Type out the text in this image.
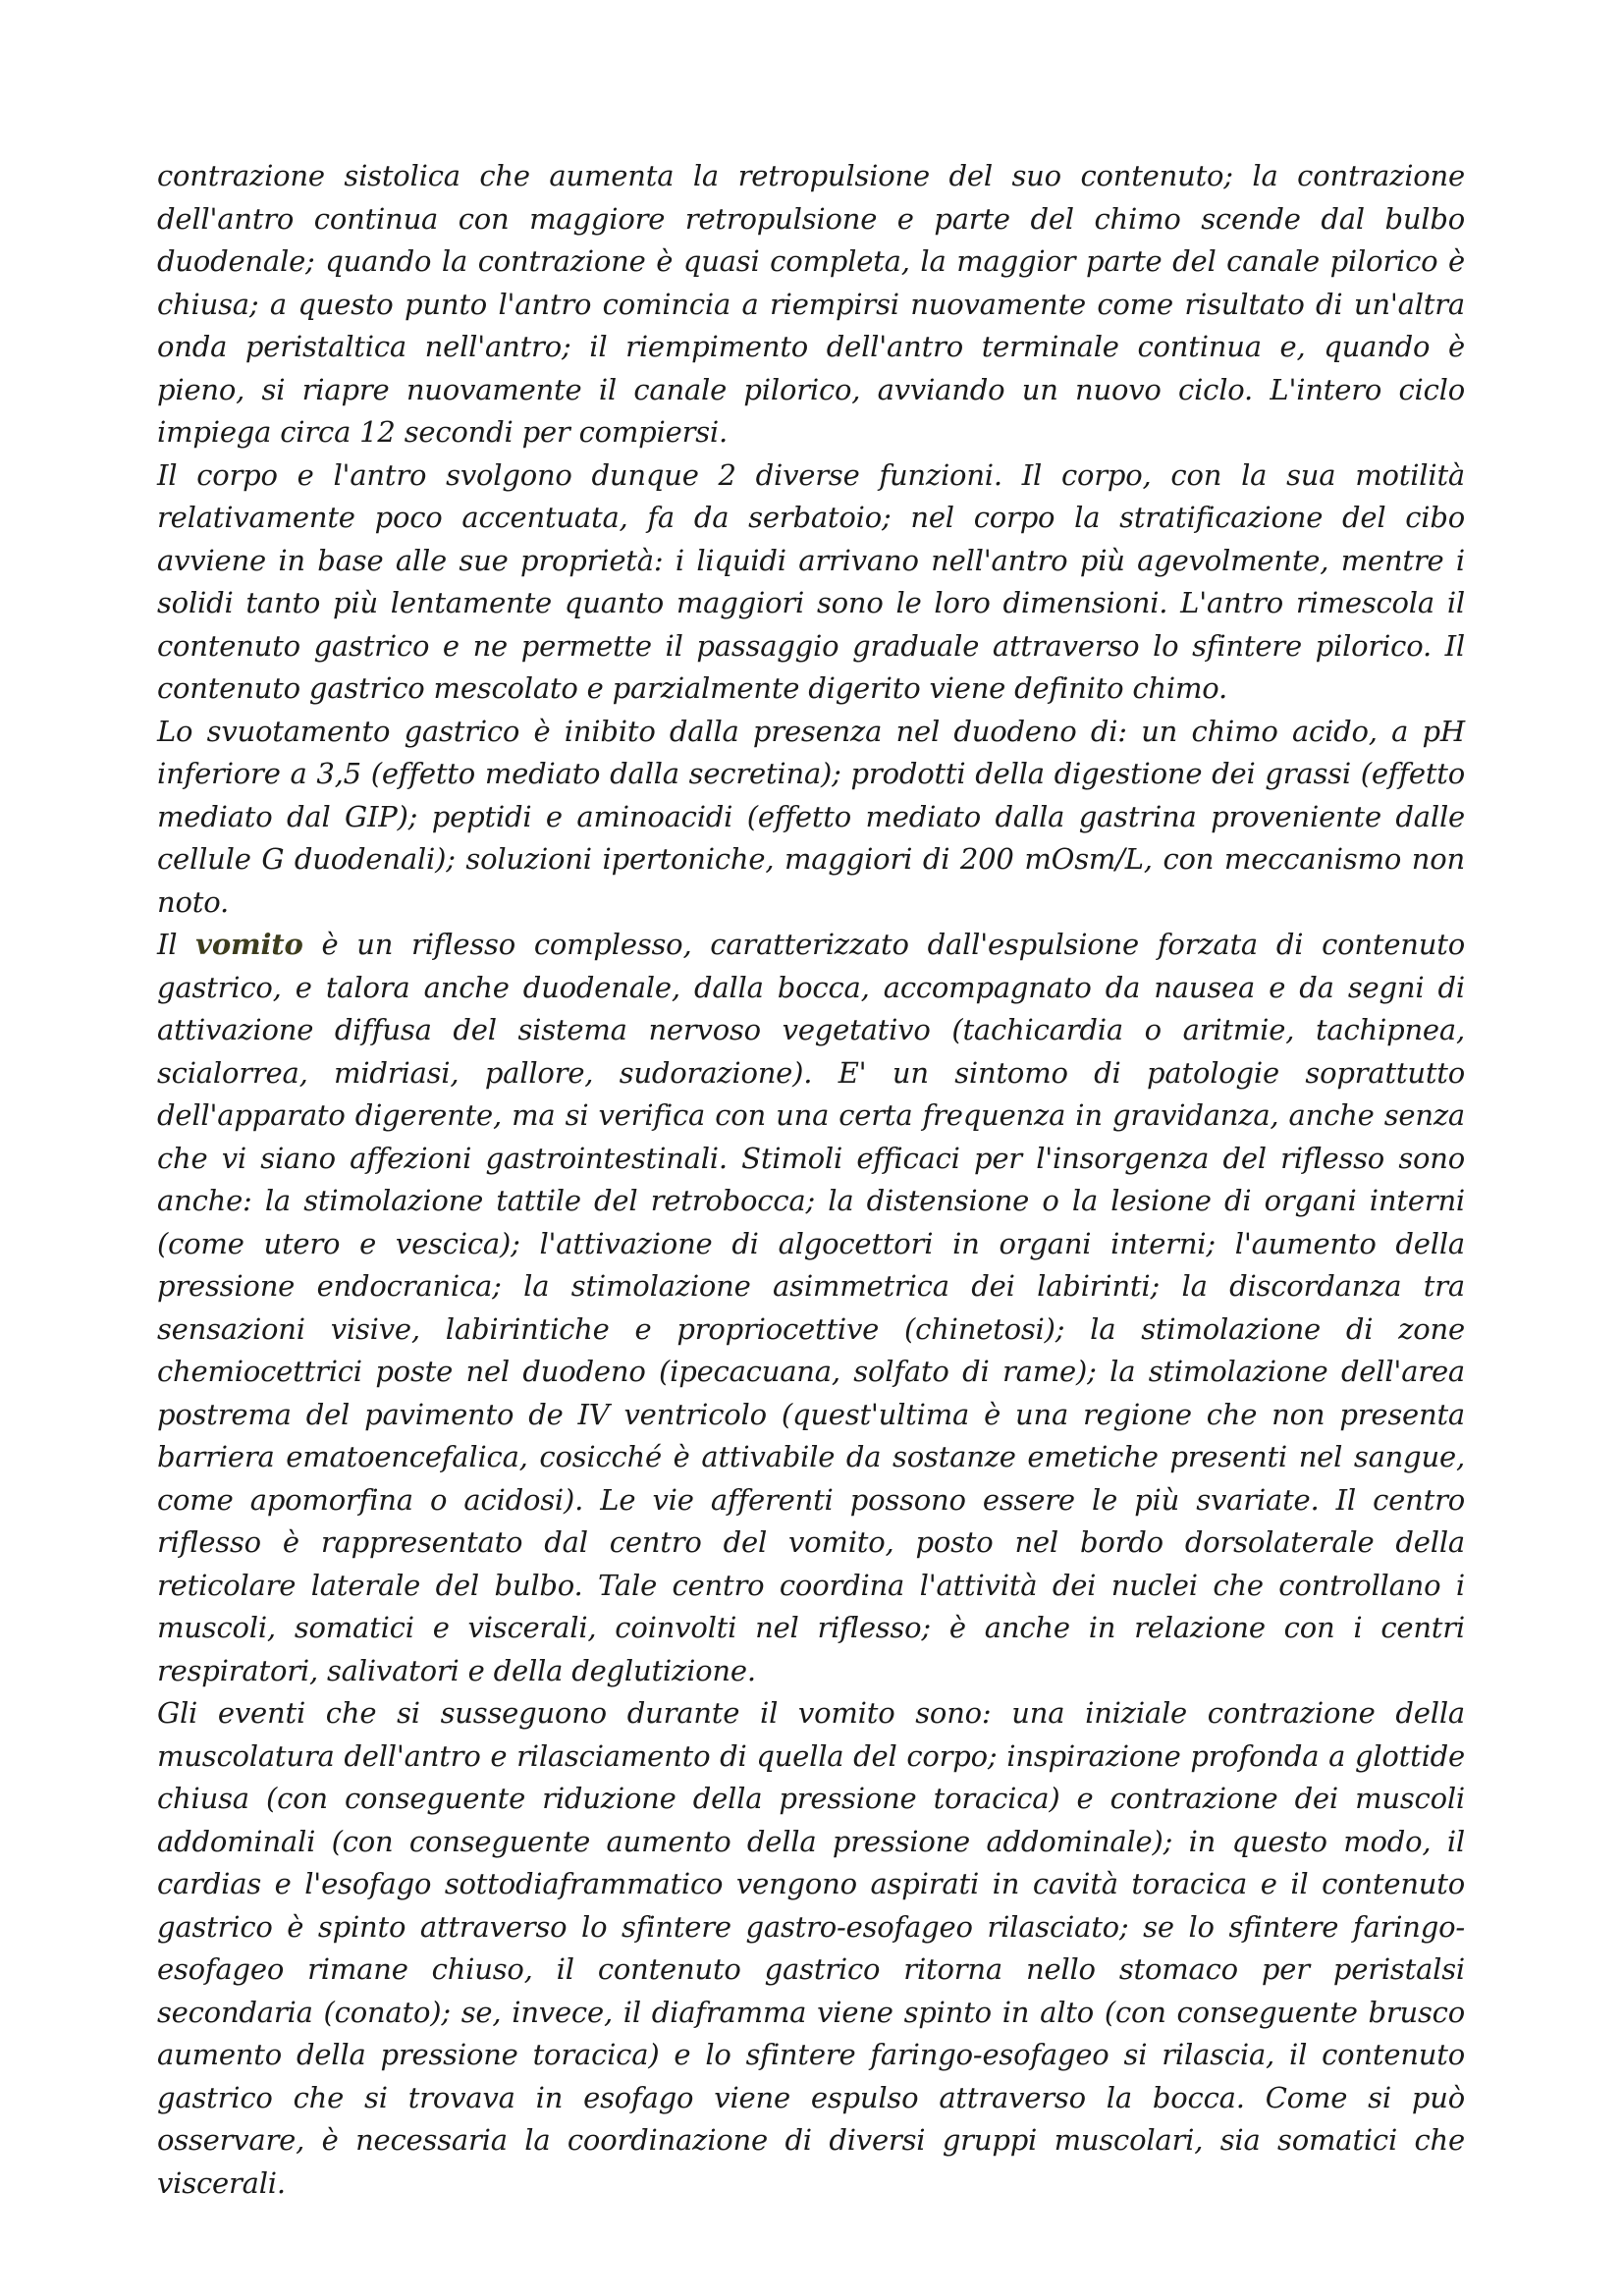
contrazione sistolica che aumenta la retropulsione del suo contenuto; la contrazione dell'antro continua con maggiore retropulsione e parte del chimo scende dal bulbo duodenale; quando la contrazione è quasi completa, la maggior parte del canale pilorico è chiusa; a questo punto l'antro comincia a riempirsi nuovamente come risultato di un'altra onda peristaltica nell'antro; il riempimento dell'antro terminale continua e, quando è pieno, si riapre nuovamente il canale pilorico, avviando un nuovo ciclo. L'intero ciclo impiega circa 12 secondi per compiersi.

Il corpo e l'antro svolgono dunque 2 diverse funzioni. Il corpo, con la sua motilità relativamente poco accentuata, fa da serbatoio; nel corpo la stratificazione del cibo avviene in base alle sue proprietà: i liquidi arrivano nell'antro più agevolmente, mentre i solidi tanto più lentamente quanto maggiori sono le loro dimensioni. L'antro rimescola il contenuto gastrico e ne permette il passaggio graduale attraverso lo sfintere pilorico. Il contenuto gastrico mescolato e parzialmente digerito viene definito chimo.

Lo svuotamento gastrico è inibito dalla presenza nel duodeno di: un chimo acido, a pH inferiore a 3,5 (effetto mediato dalla secretina); prodotti della digestione dei grassi (effetto mediato dal GIP); peptidi e aminoacidi (effetto mediato dalla gastrina proveniente dalle cellule G duodenali); soluzioni ipertoniche, maggiori di 200 mOsm/L, con meccanismo non noto.

Il vomito è un riflesso complesso, caratterizzato dall'espulsione forzata di contenuto gastrico, e talora anche duodenale, dalla bocca, accompagnato da nausea e da segni di attivazione diffusa del sistema nervoso vegetativo (tachicardia o aritmie, tachipnea, scialorrea, midriasi, pallore, sudorazione). E' un sintomo di patologie soprattutto dell'apparato digerente, ma si verifica con una certa frequenza in gravidanza, anche senza che vi siano affezioni gastrointestinali. Stimoli efficaci per l'insorgenza del riflesso sono anche: la stimolazione tattile del retrobocca; la distensione o la lesione di organi interni (come utero e vescica); l'attivazione di algocettori in organi interni; l'aumento della pressione endocranica; la stimolazione asimmetrica dei labirinti; la discordanza tra sensazioni visive, labirintiche e propriocettive (chinetosi); la stimolazione di zone chemiocettrici poste nel duodeno (ipecacuana, solfato di rame); la stimolazione dell'area postrema del pavimento de IV ventricolo (quest'ultima è una regione che non presenta barriera ematoencefalica, cosicché è attivabile da sostanze emetiche presenti nel sangue, come apomorfina o acidosi). Le vie afferenti possono essere le più svariate. Il centro riflesso è rappresentato dal centro del vomito, posto nel bordo dorsolaterale della reticolare laterale del bulbo. Tale centro coordina l'attività dei nuclei che controllano i muscoli, somatici e viscerali, coinvolti nel riflesso; è anche in relazione con i centri respiratori, salivatori e della deglutizione.

Gli eventi che si susseguono durante il vomito sono: una iniziale contrazione della muscolatura dell'antro e rilasciamento di quella del corpo; inspirazione profonda a glottide chiusa (con conseguente riduzione della pressione toracica) e contrazione dei muscoli addominali (con conseguente aumento della pressione addominale); in questo modo, il cardias e l'esofago sottodiaframmatico vengono aspirati in cavità toracica e il contenuto gastrico è spinto attraverso lo sfintere gastro-esofageo rilasciato; se lo sfintere faringo-esofageo rimane chiuso, il contenuto gastrico ritorna nello stomaco per peristalsi secondaria (conato); se, invece, il diaframma viene spinto in alto (con conseguente brusco aumento della pressione toracica) e lo sfintere faringo-esofageo si rilascia, il contenuto gastrico che si trovava in esofago viene espulso attraverso la bocca. Come si può osservare, è necessaria la coordinazione di diversi gruppi muscolari, sia somatici che viscerali.
